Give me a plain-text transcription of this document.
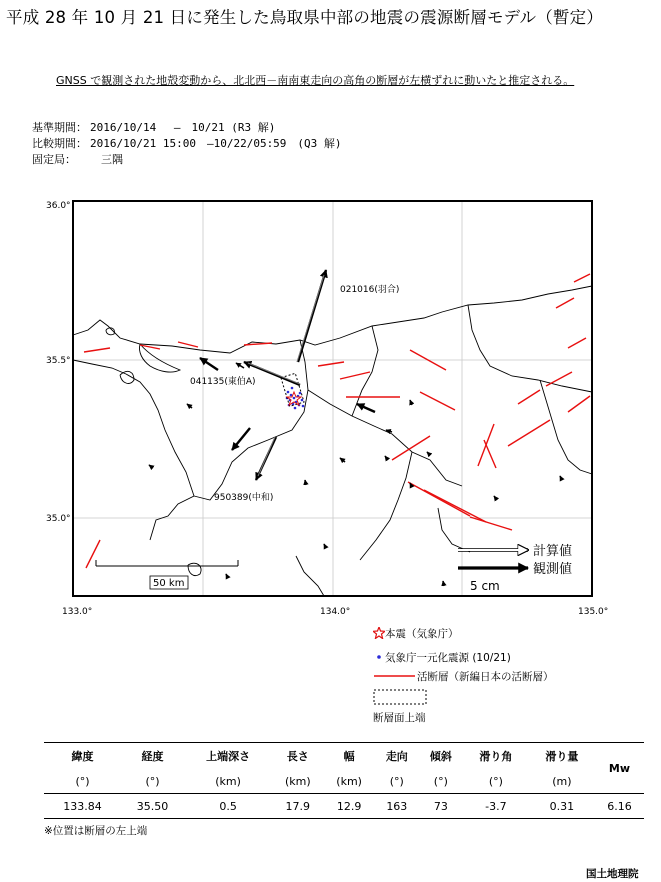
平成 28 年 10 月 21 日に発生した鳥取県中部の地震の震源断層モデル（暫定）
GNSS で観測された地殻変動から、北北西－南南東走向の高角の断層が左横ずれに動いたと推定される。
基準期間： 2016/10/14　 ―　10/21 (R3 解)
比較期間： 2016/10/21 15:00　―10/22/05:59　(Q3 解)
固定局：　三隅
021016(羽合)
041135(東伯A)
950389(中和)
50 km
計算値
観測値
5 cm
36.0°
35.5°
35.0°
133.0°	134.0°	135.0°
本震（気象庁）
気象庁一元化震源 (10/21)
活断層（新編日本の活断層）
断層面上端
緯度	経度	上端深さ	長さ	幅	走向	傾斜	滑り角	滑り量	Mw
(°)	(°)	(km)	(km)	(km)	(°)	(°)	(°)	(m)	
133.84	35.50	0.5	17.9	12.9	163	73	-3.7	0.31	6.16
※位置は断層の左上端
国土地理院
